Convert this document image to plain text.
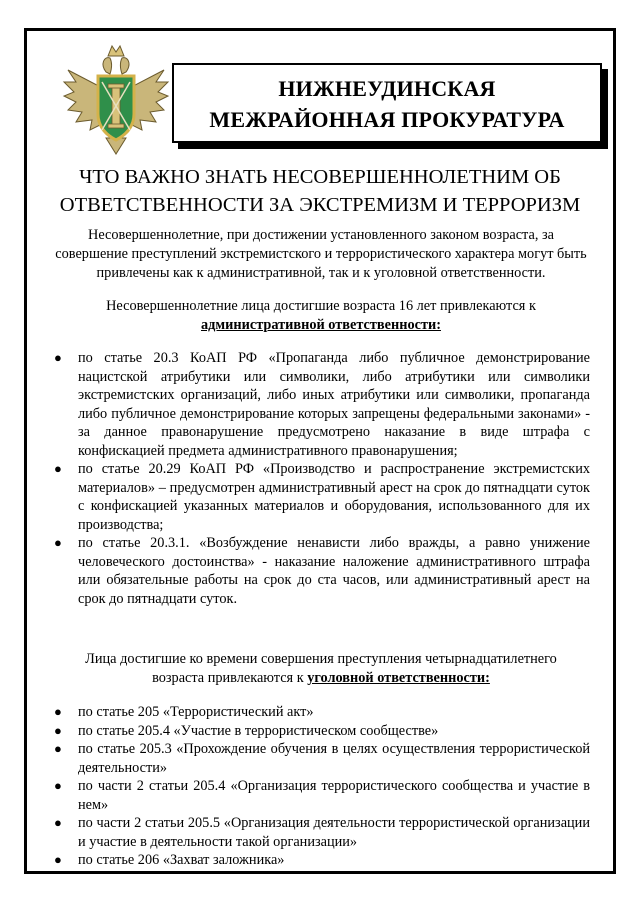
НИЖНЕУДИНСКАЯ
МЕЖРАЙОННАЯ ПРОКУРАТУРА
ЧТО ВАЖНО ЗНАТЬ НЕСОВЕРШЕННОЛЕТНИМ ОБ
ОТВЕТСТВЕННОСТИ ЗА ЭКСТРЕМИЗМ И ТЕРРОРИЗМ
Несовершеннолетние, при достижении установленного законом возраста, за
совершение преступлений экстремистского и террористического характера могут быть
привлечены как к административной, так и к уголовной ответственности.
Несовершеннолетние лица достигшие возраста 16 лет привлекаются к
административной ответственности:
● по статье 20.3 КоАП РФ «Пропаганда либо публичное демонстрирование нацистской атрибутики или символики, либо атрибутики или символики экстремистских организаций, либо иных атрибутики или символики, пропаганда либо публичное демонстрирование которых запрещены федеральными законами» - за данное правонарушение предусмотрено наказание в виде штрафа с конфискацией предмета административного правонарушения;
● по статье 20.29 КоАП РФ «Производство и распространение экстремистских материалов» – предусмотрен административный арест на срок до пятнадцати суток с конфискацией указанных материалов и оборудования, использованного для их производства;
● по статье 20.3.1. «Возбуждение ненависти либо вражды, а равно унижение человеческого достоинства» - наказание наложение административного штрафа или обязательные работы на срок до ста часов, или административный арест на срок до пятнадцати суток.
Лица достигшие ко времени совершения преступления четырнадцатилетнего
возраста привлекаются к уголовной ответственности:
● по статье 205 «Террористический акт»
● по статье 205.4 «Участие в террористическом сообществе»
● по статье 205.3 «Прохождение обучения в целях осуществления террористической деятельности»
● по части 2 статьи 205.4 «Организация террористического сообщества и участие в нем»
● по части 2 статьи 205.5 «Организация деятельности террористической организации и участие в деятельности такой организации»
● по статье 206 «Захват заложника»
